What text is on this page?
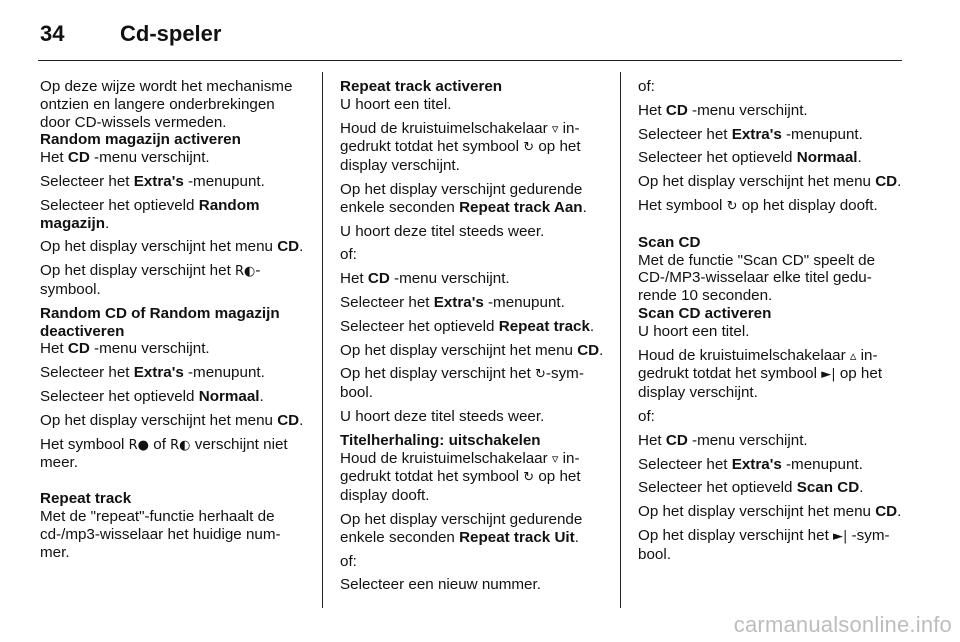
34	Cd-speler

Op deze wijze wordt het mechanisme ontzien en langere onderbrekingen door CD-wissels vermeden.

Random magazijn activeren

Het CD -menu verschijnt.

Selecteer het Extra's -menupunt.

Selecteer het optieveld Random magazijn.

Op het display verschijnt het menu CD.

Op het display verschijnt het R◐-symbool.

Random CD of Random magazijn deactiveren

Het CD -menu verschijnt.

Selecteer het Extra's -menupunt.

Selecteer het optieveld Normaal.

Op het display verschijnt het menu CD.

Het symbool R● of R◐ verschijnt niet meer.

Repeat track

Met de "repeat"-functie herhaalt de cd-/mp3-wisselaar het huidige num-mer.

Repeat track activeren

U hoort een titel.

Houd de kruistuimelschakelaar ▿ in-gedrukt totdat het symbool ↻ op het display verschijnt.

Op het display verschijnt gedurende enkele seconden Repeat track Aan.

U hoort deze titel steeds weer.

of:

Het CD -menu verschijnt.

Selecteer het Extra's -menupunt.

Selecteer het optieveld Repeat track.

Op het display verschijnt het menu CD.

Op het display verschijnt het ↻-sym-bool.

U hoort deze titel steeds weer.

Titelherhaling: uitschakelen

Houd de kruistuimelschakelaar ▿ in-gedrukt totdat het symbool ↻ op het display dooft.

Op het display verschijnt gedurende enkele seconden Repeat track Uit.

of:

Selecteer een nieuw nummer.

of:

Het CD -menu verschijnt.

Selecteer het Extra's -menupunt.

Selecteer het optieveld Normaal.

Op het display verschijnt het menu CD.

Het symbool ↻ op het display dooft.

Scan CD

Met de functie "Scan CD" speelt de CD-/MP3-wisselaar elke titel gedu-rende 10 seconden.

Scan CD activeren

U hoort een titel.

Houd de kruistuimelschakelaar ▵ in-gedrukt totdat het symbool ►| op het display verschijnt.

of:

Het CD -menu verschijnt.

Selecteer het Extra's -menupunt.

Selecteer het optieveld Scan CD.

Op het display verschijnt het menu CD.

Op het display verschijnt het ►| -sym-bool.

carmanualsonline.info
